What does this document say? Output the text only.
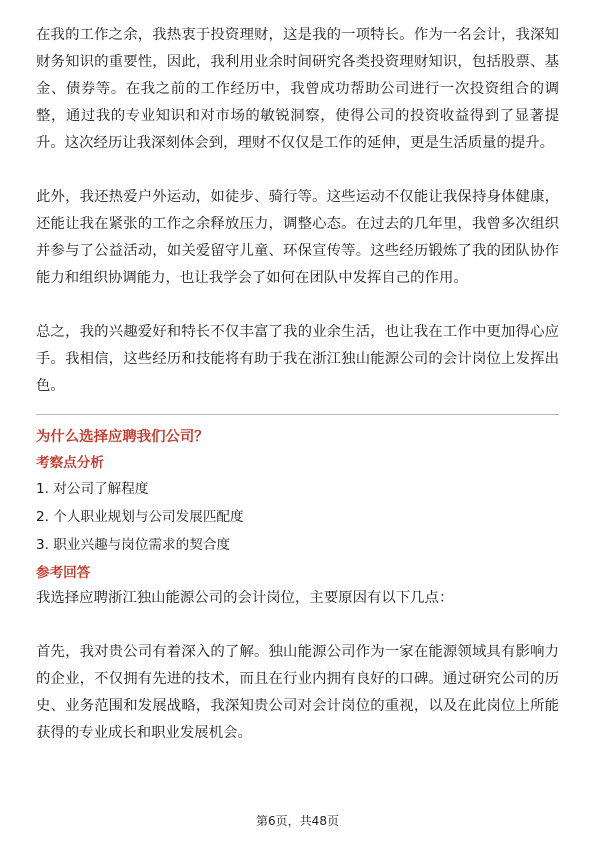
在我的工作之余，我热衷于投资理财，这是我的一项特长。作为一名会计，我深知财务知识的重要性，因此，我利用业余时间研究各类投资理财知识，包括股票、基金、债券等。在我之前的工作经历中，我曾成功帮助公司进行一次投资组合的调整，通过我的专业知识和对市场的敏锐洞察，使得公司的投资收益得到了显著提升。这次经历让我深刻体会到，理财不仅仅是工作的延伸，更是生活质量的提升。

此外，我还热爱户外运动，如徒步、骑行等。这些运动不仅能让我保持身体健康，还能让我在紧张的工作之余释放压力，调整心态。在过去的几年里，我曾多次组织并参与了公益活动，如关爱留守儿童、环保宣传等。这些经历锻炼了我的团队协作能力和组织协调能力，也让我学会了如何在团队中发挥自己的作用。

总之，我的兴趣爱好和特长不仅丰富了我的业余生活，也让我在工作中更加得心应手。我相信，这些经历和技能将有助于我在浙江独山能源公司的会计岗位上发挥出色。

为什么选择应聘我们公司？

考察点分析

1. 对公司了解程度

2. 个人职业规划与公司发展匹配度

3. 职业兴趣与岗位需求的契合度

参考回答

我选择应聘浙江独山能源公司的会计岗位，主要原因有以下几点：

首先，我对贵公司有着深入的了解。独山能源公司作为一家在能源领域具有影响力的企业，不仅拥有先进的技术，而且在行业内拥有良好的口碑。通过研究公司的历史、业务范围和发展战略，我深知贵公司对会计岗位的重视，以及在此岗位上所能获得的专业成长和职业发展机会。

第6页，共48页
